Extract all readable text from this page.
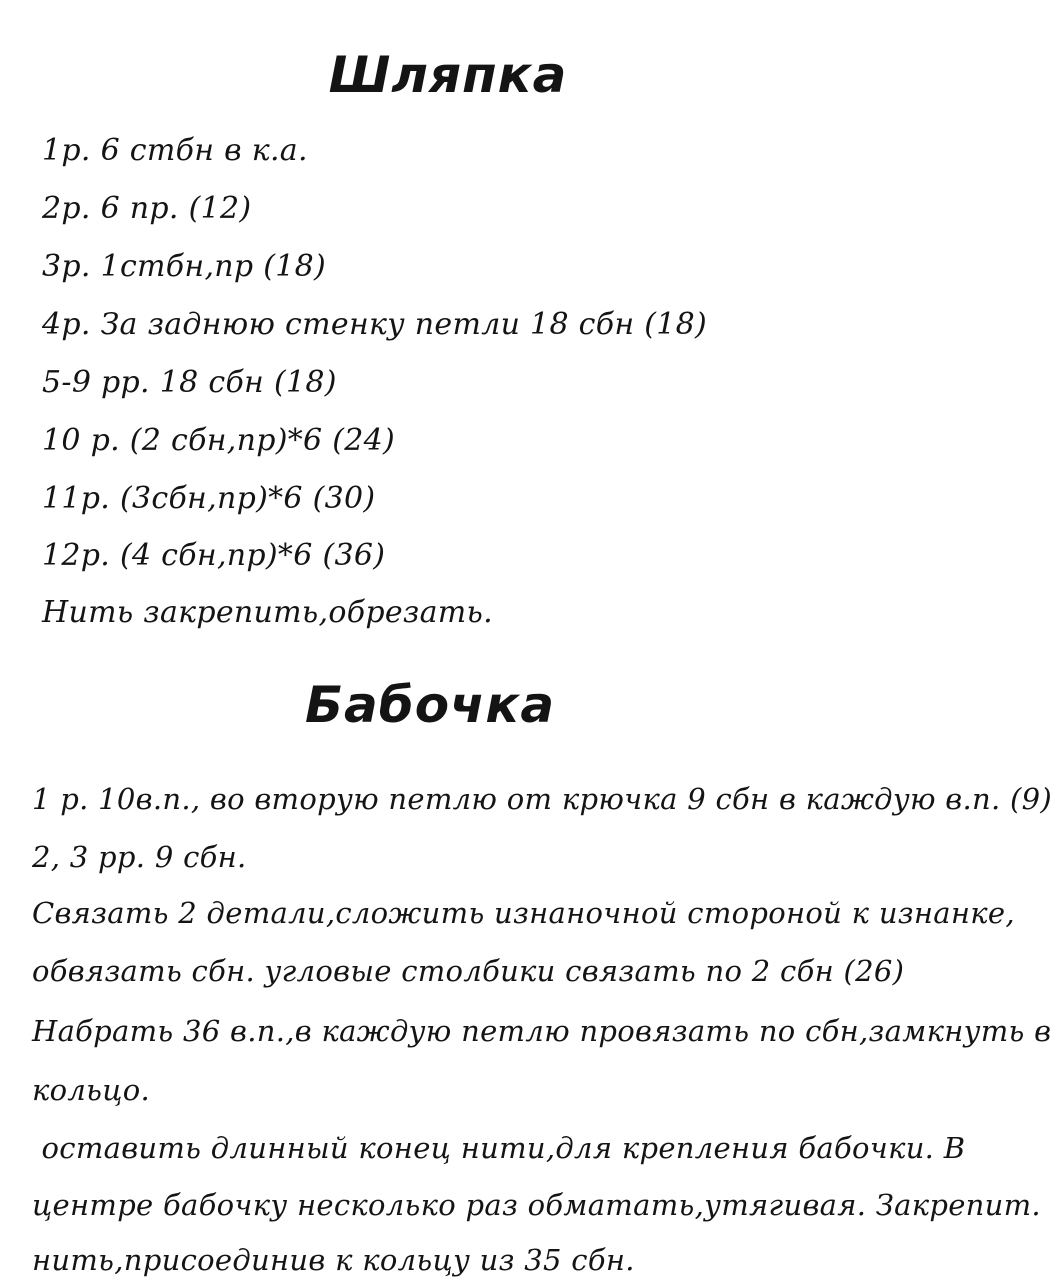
Шляпка
1р. 6 стбн в к.а.
2р. 6 пр. (12)
3р. 1стбн,пр (18)
4р. За заднюю стенку петли 18 сбн (18)
5-9 рр. 18 сбн (18)
10 р. (2 сбн,пр)*6 (24)
11р. (3сбн,пр)*6 (30)
12р. (4 сбн,пр)*6 (36)
Нить закрепить,обрезать.
Бабочка
1 р. 10в.п., во вторую петлю от крючка 9 сбн в каждую в.п. (9)
2, 3 рр. 9 сбн.
Связать 2 детали,сложить изнаночной стороной к изнанке,
обвязать сбн. угловые столбики связать по 2 сбн (26)
Набрать 36 в.п.,в каждую петлю провязать по сбн,замкнуть в
кольцо.
оставить длинный конец нити,для крепления бабочки. В
центре бабочку несколько раз обматать,утягивая. Закрепит.
нить,присоединив к кольцу из 35 сбн.
